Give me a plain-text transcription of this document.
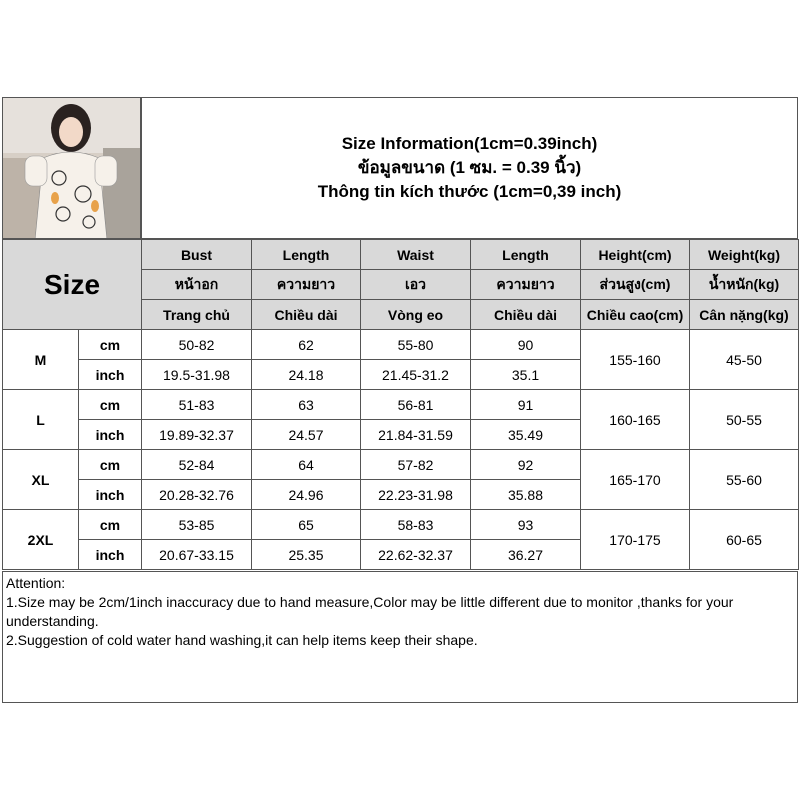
Size Information(1cm=0.39inch)
ข้อมูลขนาด (1 ซม. = 0.39 นิ้ว)
Thông tin kích thước (1cm=0,39 inch)
Size		Bust	Length	Waist	Length	Height(cm)	Weight(kg)
		หน้าอก	ความยาว	เอว	ความยาว	ส่วนสูง(cm)	น้ำหนัก(kg)
		Trang chủ	Chiều dài	Vòng eo	Chiều dài	Chiều cao(cm)	Cân nặng(kg)
M	cm	50-82	62	55-80	90	155-160	45-50
	inch	19.5-31.98	24.18	21.45-31.2	35.1		
L	cm	51-83	63	56-81	91	160-165	50-55
	inch	19.89-32.37	24.57	21.84-31.59	35.49		
XL	cm	52-84	64	57-82	92	165-170	55-60
	inch	20.28-32.76	24.96	22.23-31.98	35.88		
2XL	cm	53-85	65	58-83	93	170-175	60-65
	inch	20.67-33.15	25.35	22.62-32.37	36.27		

Attention:

1.Size may be 2cm/1inch inaccuracy due to hand measure,Color may be little different due to monitor ,thanks for your understanding.

2.Suggestion of cold water hand washing,it can help items keep their shape.
